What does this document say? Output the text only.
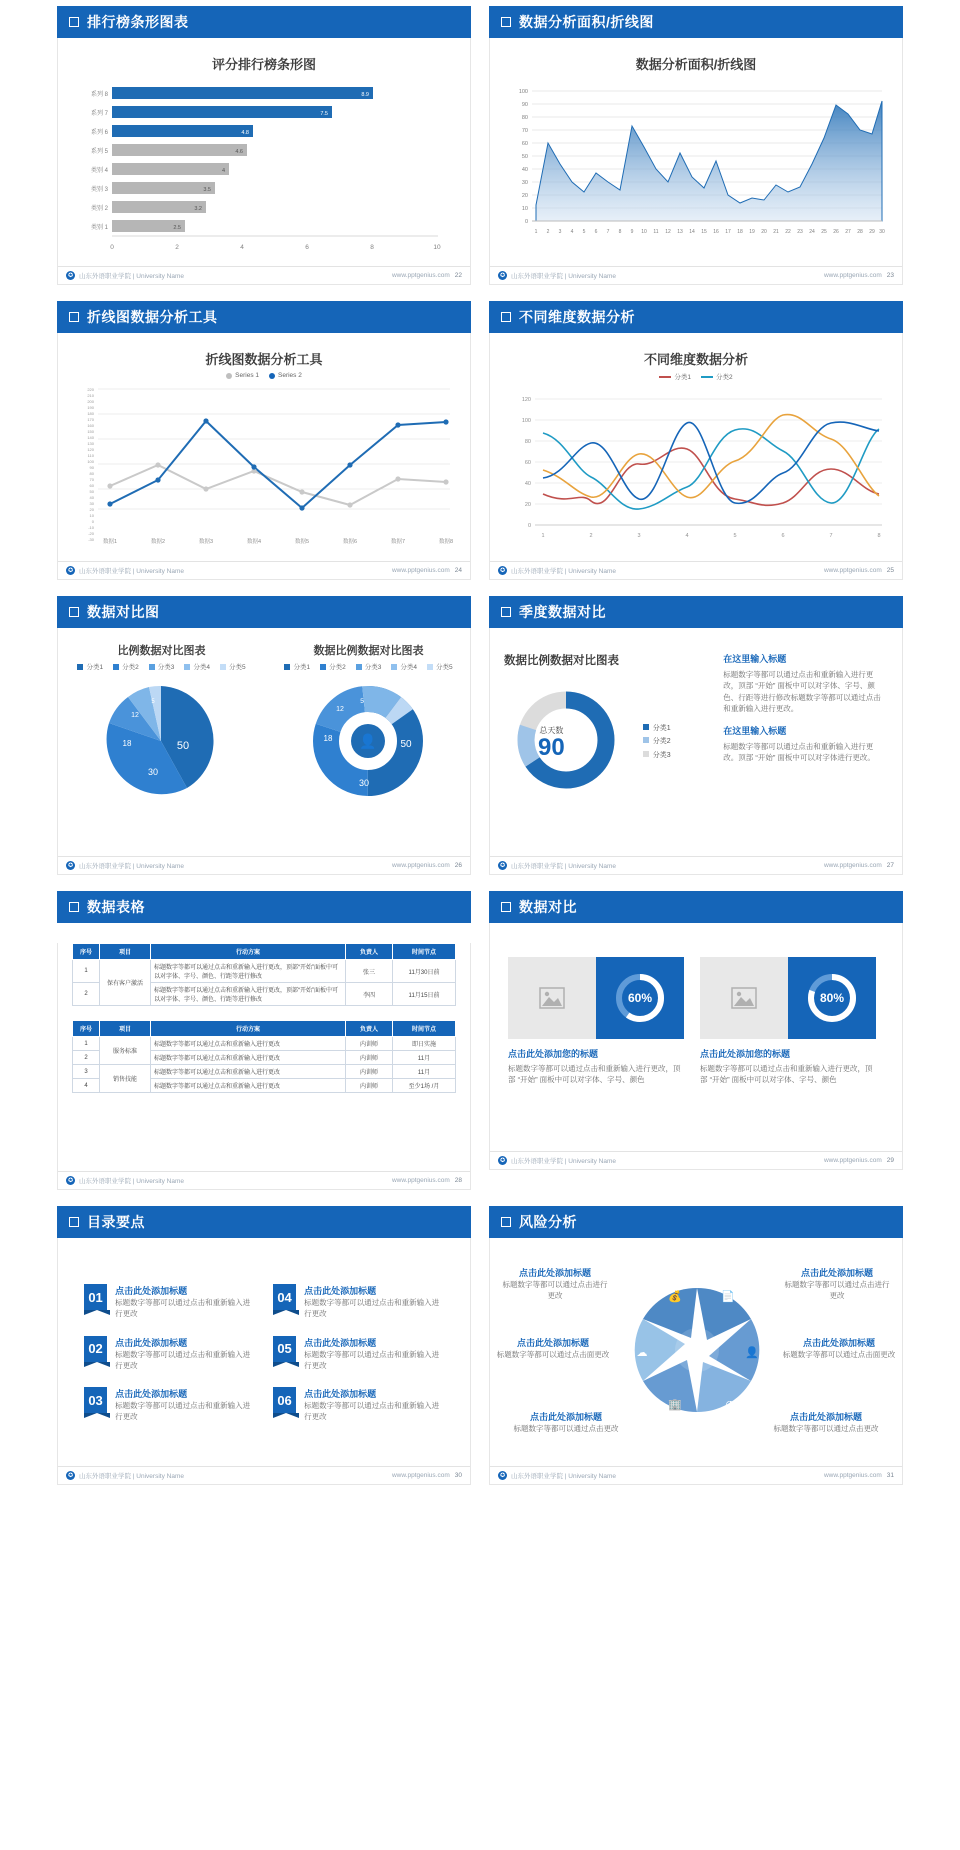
排行榜条形图表
评分排行榜条形图
系列 8
系列 7
系列 6
系列 5
类别 4
类别 3
类别 2
类别 1
8.9
7.5
4.8
4.6
4
3.5
3.2
2.5
0	2	4	6	8	10
✪ 山东外语职业学院 | University Name	www.pptgenius.com 22
数据分析面积/折线图
数据分析面积/折线图
100
90
80
70
60
50
40
30
20
10
0
1 2 3 4 5 6 7 8 9 10 11 12 13 14 15 16 17 18 19 20 21 22 23 24 25 26 27 28 29 30
✪ 山东外语职业学院 | University Name	www.pptgenius.com 23
折线图数据分析工具
折线图数据分析工具
Series 1	Series 2
220
210
200
190
180
170
160
150
140
130
120
110
100
90
80
70
60
50
40
30
20
10
0
-10
-20
-30 数据1	数据2	数据3	数据4	数据5	数据6	数据7	数据8
✪ 山东外语职业学院 | University Name	www.pptgenius.com 24
不同维度数据分析
不同维度数据分析
分类1	分类2
120
100
80
60
40
20
0
1	2	3	4	5	6	7	8
✪ 山东外语职业学院 | University Name	www.pptgenius.com 25
数据对比图
比例数据对比图表
分类1	分类2	分类3	分类4	分类5
50
30
18
12
5
数据比例数据对比图表
分类1	分类2	分类3	分类4	分类5
👤 50
30
18
12
5
✪ 山东外语职业学院 | University Name	www.pptgenius.com 26
季度数据对比
数据比例数据对比图表
总天数
90
分类1
分类2
分类3
在这里输入标题
标题数字等都可以通过点击和重新输入进行更改，顶部 “开始” 面板中可以对字体、字号、颜色、行距等进行修改标题数字等都可以通过点击和重新输入进行更改。
在这里输入标题
标题数字等都可以通过点击和重新输入进行更改。顶部 “开始” 面板中可以对字体进行更改。
✪ 山东外语职业学院 | University Name	www.pptgenius.com 27
数据表格
序号	项目	行动方案	负责人	时间节点
1	保有客户激活	标题数字等都可以通过点击和重新输入进行更改，顶部“开始”面板中可以对字体、字号、颜色、行距等进行修改	张三	11月30日前
2		标题数字等都可以通过点击和重新输入进行更改，顶部“开始”面板中可以对字体、字号、颜色、行距等进行修改	李四	11月15日前
序号	项目	行动方案	负责人	时间节点
1	服务标准	标题数字等都可以通过点击和重新输入进行更改	内训师	即日实施
2		标题数字等都可以通过点击和重新输入进行更改	内训师	11月
3	销售技能	标题数字等都可以通过点击和重新输入进行更改	内训师	11月
4		标题数字等都可以通过点击和重新输入进行更改	内训师	至少1场 /月
✪ 山东外语职业学院 | University Name	www.pptgenius.com 28
数据对比
60%
点击此处添加您的标题
标题数字等都可以通过点击和重新输入进行更改，顶部 “开始” 面板中可以对字体、字号、颜色
80%
点击此处添加您的标题
标题数字等都可以通过点击和重新输入进行更改，顶部 “开始” 面板中可以对字体、字号、颜色
✪ 山东外语职业学院 | University Name	www.pptgenius.com 29
目录要点
01	点击此处添加标题
标题数字等都可以通过点击和重新输入进行更改
04	点击此处添加标题
标题数字等都可以通过点击和重新输入进行更改
02	点击此处添加标题
标题数字等都可以通过点击和重新输入进行更改
05	点击此处添加标题
标题数字等都可以通过点击和重新输入进行更改
03	点击此处添加标题
标题数字等都可以通过点击和重新输入进行更改
06	点击此处添加标题
标题数字等都可以通过点击和重新输入进行更改
✪ 山东外语职业学院 | University Name	www.pptgenius.com 30
风险分析
💰	📄
☁	👤
🏢	◔
点击此处添加标题
标题数字等都可以通过点击进行更改
点击此处添加标题
标题数字等都可以通过点击进行更改
点击此处添加标题
标题数字等都可以通过点击面更改
点击此处添加标题
标题数字等都可以通过点击面更改
点击此处添加标题
标题数字等都可以通过点击更改
点击此处添加标题
标题数字等都可以通过点击更改
✪ 山东外语职业学院 | University Name	www.pptgenius.com 31
